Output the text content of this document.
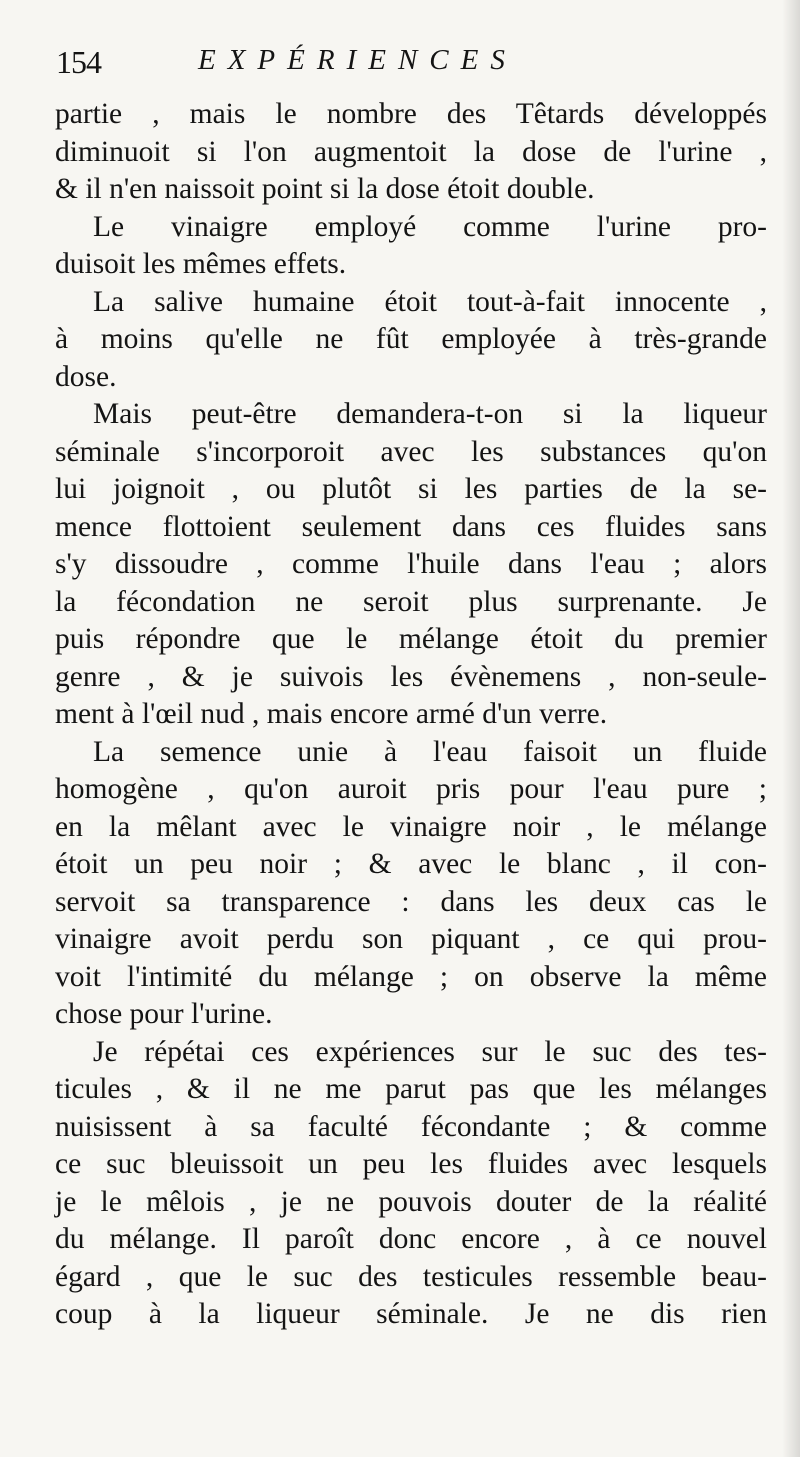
154	EXPÉRIENCES
partie , mais le nombre des Têtards développés
diminuoit si l'on augmentoit la dose de l'urine ,
& il n'en naissoit point si la dose étoit double.
Le vinaigre employé comme l'urine pro-
duisoit les mêmes effets.
La salive humaine étoit tout-à-fait innocente ,
à moins qu'elle ne fût employée à très-grande
dose.
Mais peut-être demandera-t-on si la liqueur
séminale s'incorporoit avec les substances qu'on
lui joignoit , ou plutôt si les parties de la se-
mence flottoient seulement dans ces fluides sans
s'y dissoudre , comme l'huile dans l'eau ; alors
la fécondation ne seroit plus surprenante. Je
puis répondre que le mélange étoit du premier
genre , & je suivois les évènemens , non-seule-
ment à l'œil nud , mais encore armé d'un verre.
La semence unie à l'eau faisoit un fluide
homogène , qu'on auroit pris pour l'eau pure ;
en la mêlant avec le vinaigre noir , le mélange
étoit un peu noir ; & avec le blanc , il con-
servoit sa transparence : dans les deux cas le
vinaigre avoit perdu son piquant , ce qui prou-
voit l'intimité du mélange ; on observe la même
chose pour l'urine.
Je répétai ces expériences sur le suc des tes-
ticules , & il ne me parut pas que les mélanges
nuisissent à sa faculté fécondante ; & comme
ce suc bleuissoit un peu les fluides avec lesquels
je le mêlois , je ne pouvois douter de la réalité
du mélange. Il paroît donc encore , à ce nouvel
égard , que le suc des testicules ressemble beau-
coup à la liqueur séminale. Je ne dis rien
